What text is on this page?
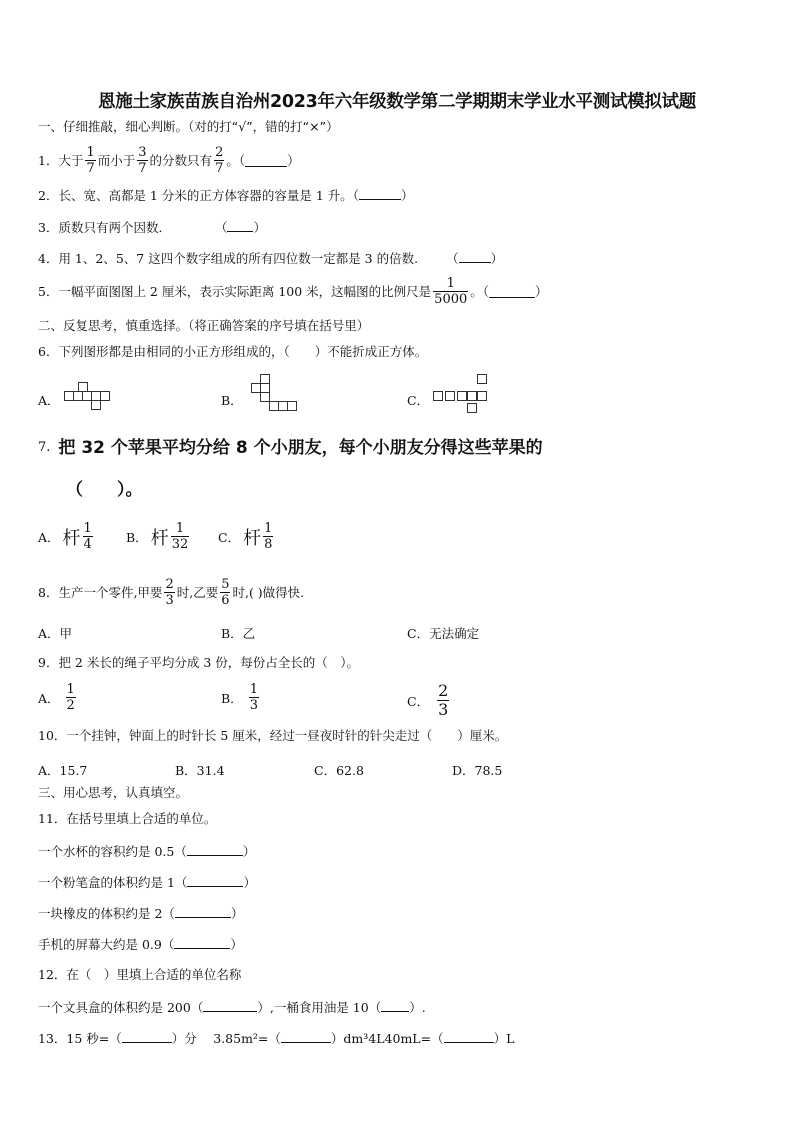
恩施土家族苗族自治州2023年六年级数学第二学期期末学业水平测试模拟试题
一、仔细推敲，细心判断。（对的打“√”，错的打“×”）
1． 大于 $\frac{1}{7}$ 而小于 $\frac{3}{7}$ 的分数只有 $\frac{2}{7}$ 。（	）
2．长、宽、高都是 1 分米的正方体容器的容量是 1 升。（	）
3．质数只有两个因数．	（ ）
4．用 1、2、5、7 这四个数字组成的所有四位数一定都是 3 的倍数. （	）
5．一幅平面图图上 2 厘米，表示实际距离 100 米，这幅图的比例尺是 $\frac{1}{5000}$ 。（	）
二、反复思考，慎重选择。（将正确答案的序号填在括号里）
6．下列图形都是由相同的小正方形组成的，（　　）不能折成正方体。
A．	B．	C．
7. 把 32 个苹果平均分给 8 个小朋友，每个小朋友分得这些苹果的
（　　）。
A． 杆 $\frac{1}{4}$	B． 杆 $\frac{1}{32}$ C． 杆 $\frac{1}{8}$
8．生产一个零件,甲要 $\frac{2}{3}$ 时,乙要 $\frac{5}{6}$ 时,( )做得快.
A．甲	B．乙	C．无法确定
9．把 2 米长的绳子平均分成 3 份，每份占全长的（　）。
A． $\frac{1}{2}$	B． $\frac{1}{3}$	C． $\frac{2}{3}$
10．一个挂钟，钟面上的时针长 5 厘米，经过一昼夜时针的针尖走过（　　）厘米。
A．15.7	B．31.4	C．62.8	D．78.5
三、用心思考，认真填空。
11．在括号里填上合适的单位。
一个水杯的容积约是 0.5（	）
一个粉笔盒的体积约是 1（	）
一块橡皮的体积约是 2（	）
手机的屏幕大约是 0.9（	）
12．在（　）里填上合适的单位名称
一个文具盒的体积约是 200（	）,一桶食用油是 10（ ）.
13．15 秒=（	）分　 3.85m²=（	）dm³4L40mL=（	）L
